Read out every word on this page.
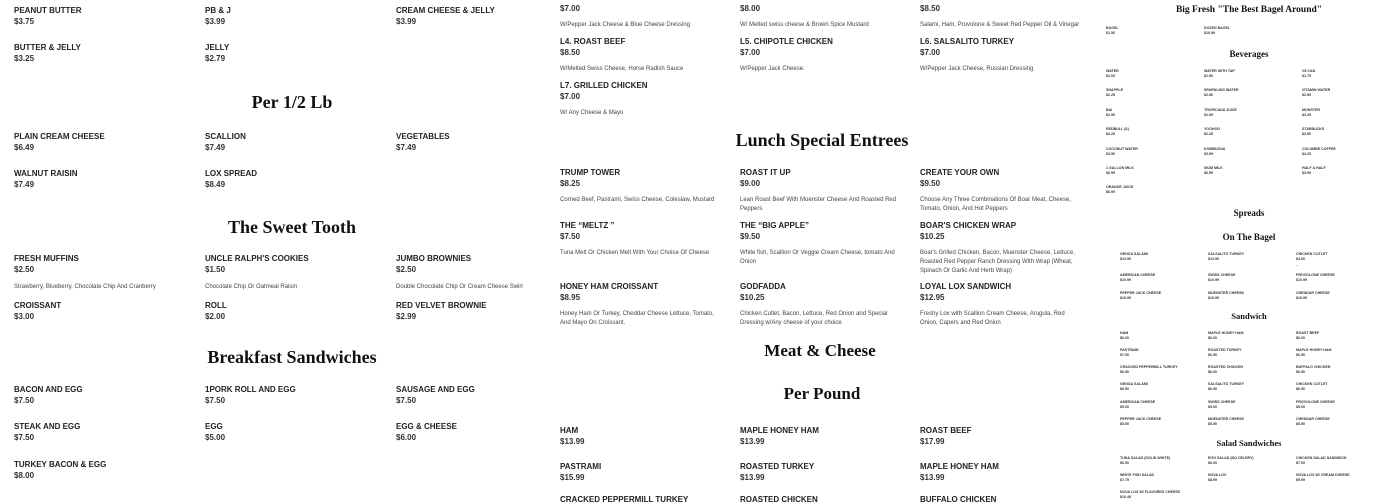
Per 1/2 Lb
The Sweet Tooth
Breakfast Sandwiches
Lunch Special Entrees
Meat & Cheese
Per Pound
Big Fresh "The Best Bagel Around"
Beverages
Spreads
On The Bagel
Sandwich
Salad Sandwiches
PEANUT BUTTER
$3.75
PB & J
$3.99
CREAM CHEESE & JELLY
$3.99
BUTTER & JELLY
$3.25
JELLY
$2.79
PLAIN CREAM CHEESE
$6.49
SCALLION
$7.49
VEGETABLES
$7.49
WALNUT RAISIN
$7.49
LOX SPREAD
$8.49
FRESH MUFFINS
$2.50
Strawberry, Blueberry, Chocolate Chip And Cranberry
UNCLE RALPH'S COOKIES
$1.50
Chocolate Chip Or Oatmeal Raisin
JUMBO BROWNIES
$2.50
Double Chocolate Chip Or Cream Cheese Swirl
CROISSANT
$3.00
ROLL
$2.00
RED VELVET BROWNIE
$2.99
BACON AND EGG
$7.50
1PORK ROLL AND EGG
$7.50
SAUSAGE AND EGG
$7.50
STEAK AND EGG
$7.50
EGG
$5.00
EGG & CHEESE
$6.00
TURKEY BACON & EGG
$8.00
$7.00
W/Pepper Jack Cheese & Blue Cheese Dressing
$8.00
W/ Melted swiss cheese & Brown Spice Mustard
$8.50
Salami, Ham, Provolone & Sweet Red Pepper Oil & Vinegar
L4. ROAST BEEF
$8.50
W/Melted Swiss Cheese, Horse Radish Sauce
L5. CHIPOTLE CHICKEN
$7.00
W/Pepper Jack Cheese.
L6. SALSALITO TURKEY
$7.00
W/Pepper Jack Cheese, Russian Dressing
L7. GRILLED CHICKEN
$7.00
W/ Any Cheese & Mayo
TRUMP TOWER
$8.25
Corned Beef, Pastrami, Swiss Cheese, Coleslaw, Mustard
ROAST IT UP
$9.00
Lean Roast Beef With Muenster Cheese And Roasted Red Peppers
CREATE YOUR OWN
$9.50
Choose Any Three Combinations Of Boar Meat, Cheese, Tomato, Onion, And Hot Peppers
THE “MELTZ ”
$7.50
Tuna Melt Or Chicken Melt With Your Choice Of Cheese
THE “BIG APPLE”
$9.50
White fish, Scallion Or Veggie Cream Cheese, tomato And Onion
BOAR'S CHICKEN WRAP
$10.25
Boar's Grilled Chicken, Bacon, Muenster Cheese, Lettuce, Roasted Red Pepper Ranch Dressing With Wrap (Wheat, Spinach Or Garlic And Herb Wrap)
HONEY HAM CROISSANT
$8.95
Honey Ham Or Turkey, Cheddar Cheese Lettuce, Tomato, And Mayo On Croissant.
GODFADDA
$10.25
Chicken Cutlet, Bacon, Lettuce, Red Onion and Special Dressing w/Any cheese of your choice
LOYAL LOX SANDWICH
$12.95
Freshy Lox with Scallion Cream Cheese, Arugula, Red Onion, Capers and Red Onion
HAM
$13.99
MAPLE HONEY HAM
$13.99
ROAST BEEF
$17.99
PASTRAMI
$15.99
ROASTED TURKEY
$13.99
MAPLE HONEY HAM
$13.99
CRACKED PEPPERMILL TURKEY	ROASTED CHICKEN	BUFFALO CHICKEN
BAGEL
$1.50
DOZEN BAGEL
$16.99
WATER
$1.00
WATER WITH TAP
$1.50
V8 CAN
$1.75
SNAPPLE
$2.25
SPARKLING WATER
$2.50
VITAMIN WATER
$2.99
BAI
$2.99
TROPICANA JUICE
$2.99
MONSTER
$3.25
REDBULL (S)
$3.25
YOOHOO
$2.25
STARBUCKS
$3.50
COCONUT WATER
$3.50
KOMBUCHA
$3.99
COLUMBE COFFEE
$4.25
1 GALLON MILK
$6.99
SKIM MILK
$6.99
HALF & HALF
$3.99
ORANGE JUICE
$6.99
GENOA SALAMI
$13.99
SALSALITO TURKEY
$13.99
CHICKEN CUTLET
$4.50
--
AMERICAN CHEESE
$10.99
SWISS CHEESE
$10.99
PROVOLONE CHEESE
$10.99
PEPPER JACK CHEESE
$10.99
MUENSTER CHEESE
$10.99
CHEDDAR CHEESE
$10.99
HAM
$6.00
MAPLE HONEY HAM
$6.00
ROAST BEEF
$6.00
PASTRAMI
$7.50
ROASTED TURKEY
$6.50
MAPLE HONEY HAM
$6.50
CRACKED PEPPERMILL TURKEY
$6.50
ROASTED CHICKEN
$6.00
BUFFALO CHICKEN
$6.50
GENOA SALAMI
$6.50
SALSALITO TURKEY
$6.50
CHICKEN CUTLET
$6.50
AMERICAN CHEESE
$5.00
SWISS CHEESE
$5.00
PROVOLONE CHEESE
$5.00
PEPPER JACK CHEESE
$5.50
MUENSTER CHEESE
$5.50
CHEDDAR CHEESE
$5.50
TUNA SALAD (SOLID WHITE)
$6.50
EGG SALAD (NO CELERY)
$6.00
CHICKEN SALAD SANDWICH
$7.00
WHITE FISH SALAD
$7.75
NOVA LOX
$8.99
NOVA LOX W/ CREAM CHEESE
$9.99
NOVA LOX W/ FLAVORED CHEESE
$10.49
